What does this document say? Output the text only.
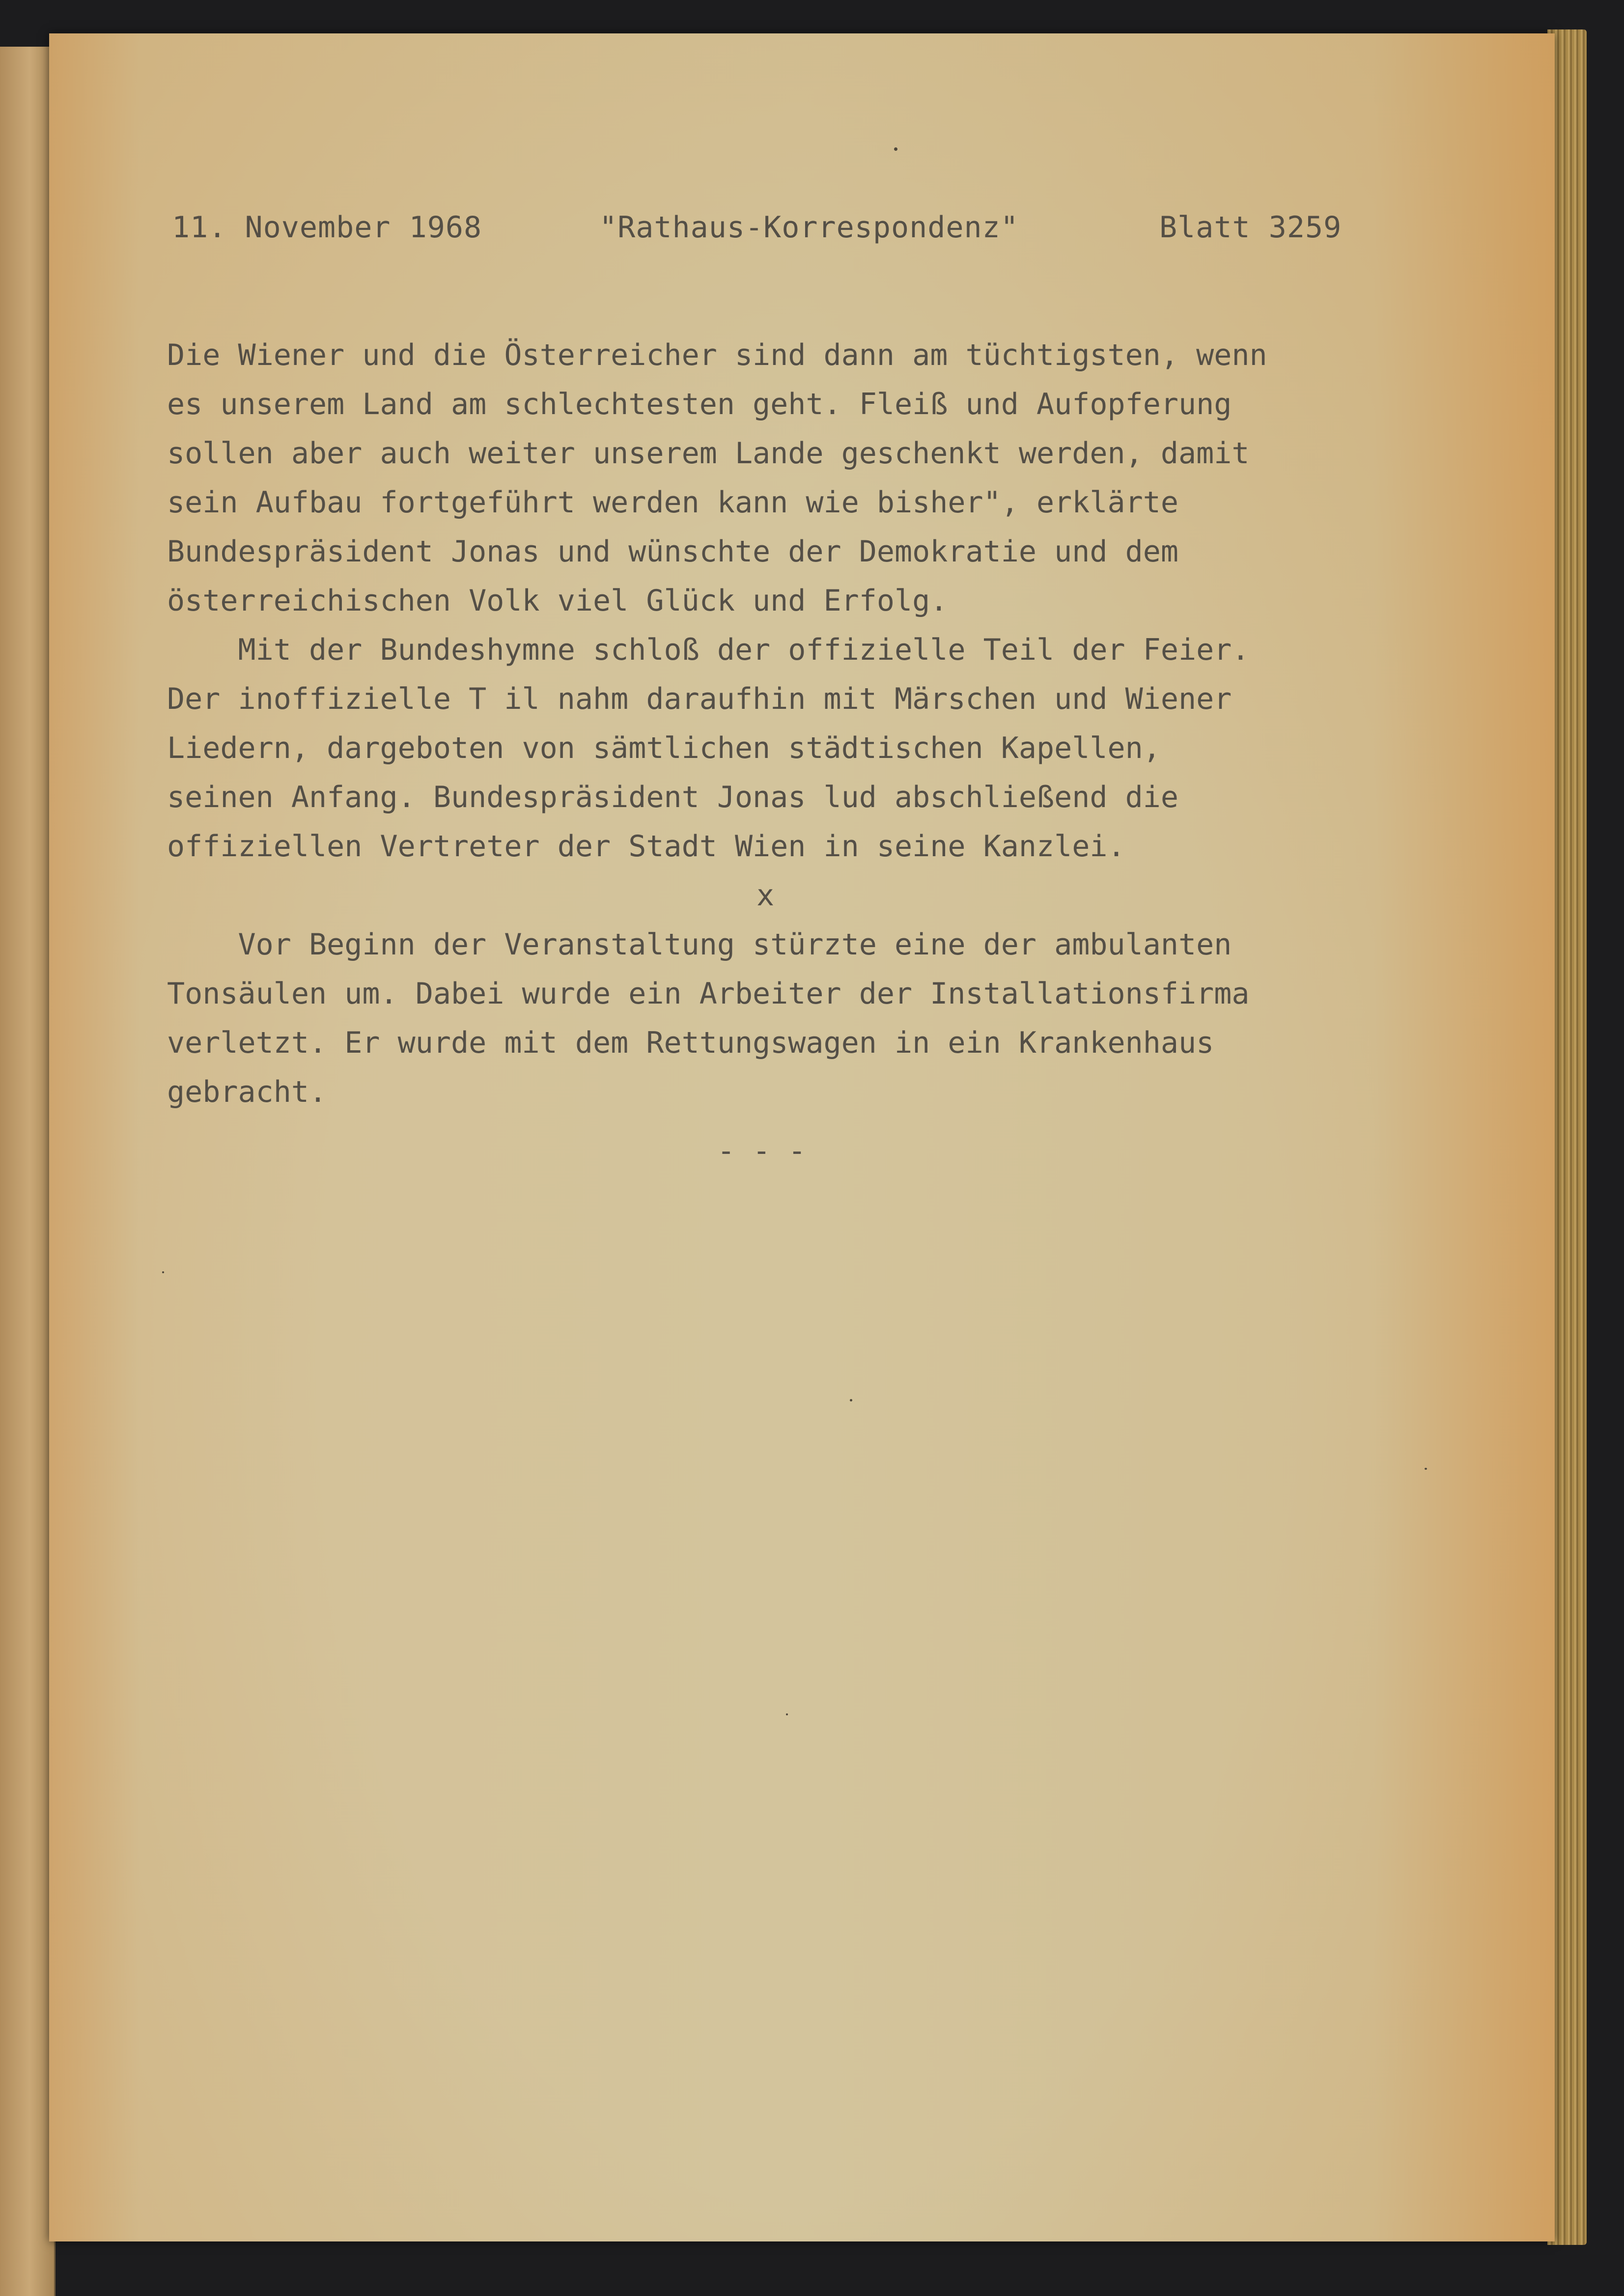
11. November 1968	"Rathaus-Korrespondenz"	Blatt 3259
Die Wiener und die Österreicher sind dann am tüchtigsten, wenn
es unserem Land am schlechtesten geht. Fleiß und Aufopferung
sollen aber auch weiter unserem Lande geschenkt werden, damit
sein Aufbau fortgeführt werden kann wie bisher", erklärte
Bundespräsident Jonas und wünschte der Demokratie und dem
österreichischen Volk viel Glück und Erfolg.
Mit der Bundeshymne schloß der offizielle Teil der Feier.
Der inoffizielle T il nahm daraufhin mit Märschen und Wiener
Liedern, dargeboten von sämtlichen städtischen Kapellen,
seinen Anfang. Bundespräsident Jonas lud abschließend die
offiziellen Vertreter der Stadt Wien in seine Kanzlei.
x
Vor Beginn der Veranstaltung stürzte eine der ambulanten
Tonsäulen um. Dabei wurde ein Arbeiter der Installationsfirma
verletzt. Er wurde mit dem Rettungswagen in ein Krankenhaus
gebracht.
- - -
